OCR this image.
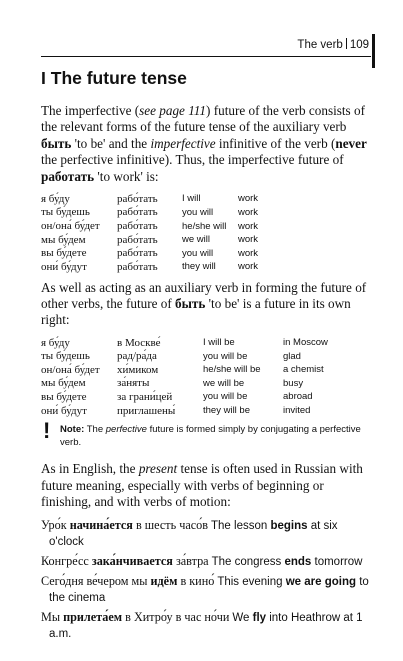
The verb 109
I The future tense

The imperfective (see page 111) future of the verb consists of the relevant forms of the future tense of the auxiliary verb быть 'to be' and the imperfective infinitive of the verb (never the perfective infinitive). Thus, the imperfective future of работать 'to work' is:

я бу́ду	рабо́тать	I will	work
ты бу́дешь	рабо́тать	you will	work
он/она́ бу́дет	рабо́тать	he/she will	work
мы бу́дем	рабо́тать	we will	work
вы бу́дете	рабо́тать	you will	work
они́ бу́дут	рабо́тать	they will	work

As well as acting as an auxiliary verb in forming the future of other verbs, the future of быть 'to be' is a future in its own right:

я бу́ду	в Москве́	I will be	in Moscow
ты бу́дешь	рад/ра́да	you will be	glad
он/она́ бу́дет	хи́миком	he/she will be	a chemist
мы бу́дем	за́няты	we will be	busy
вы бу́дете	за грани́цей	you will be	abroad
они́ бу́дут	приглашены́	they will be	invited
! Note: The perfective future is formed simply by conjugating a perfective verb.

As in English, the present tense is often used in Russian with future meaning, especially with verbs of beginning or finishing, and with verbs of motion:

Уро́к начина́ется в шесть часо́в The lesson begins at six o'clock

Конгре́сс зака́нчивается за́втра The congress ends tomorrow

Сего́дня ве́чером мы идём в кино́ This evening we are going to the cinema

Мы прилета́ем в Хитро́у в час но́чи We fly into Heathrow at 1 a.m.
